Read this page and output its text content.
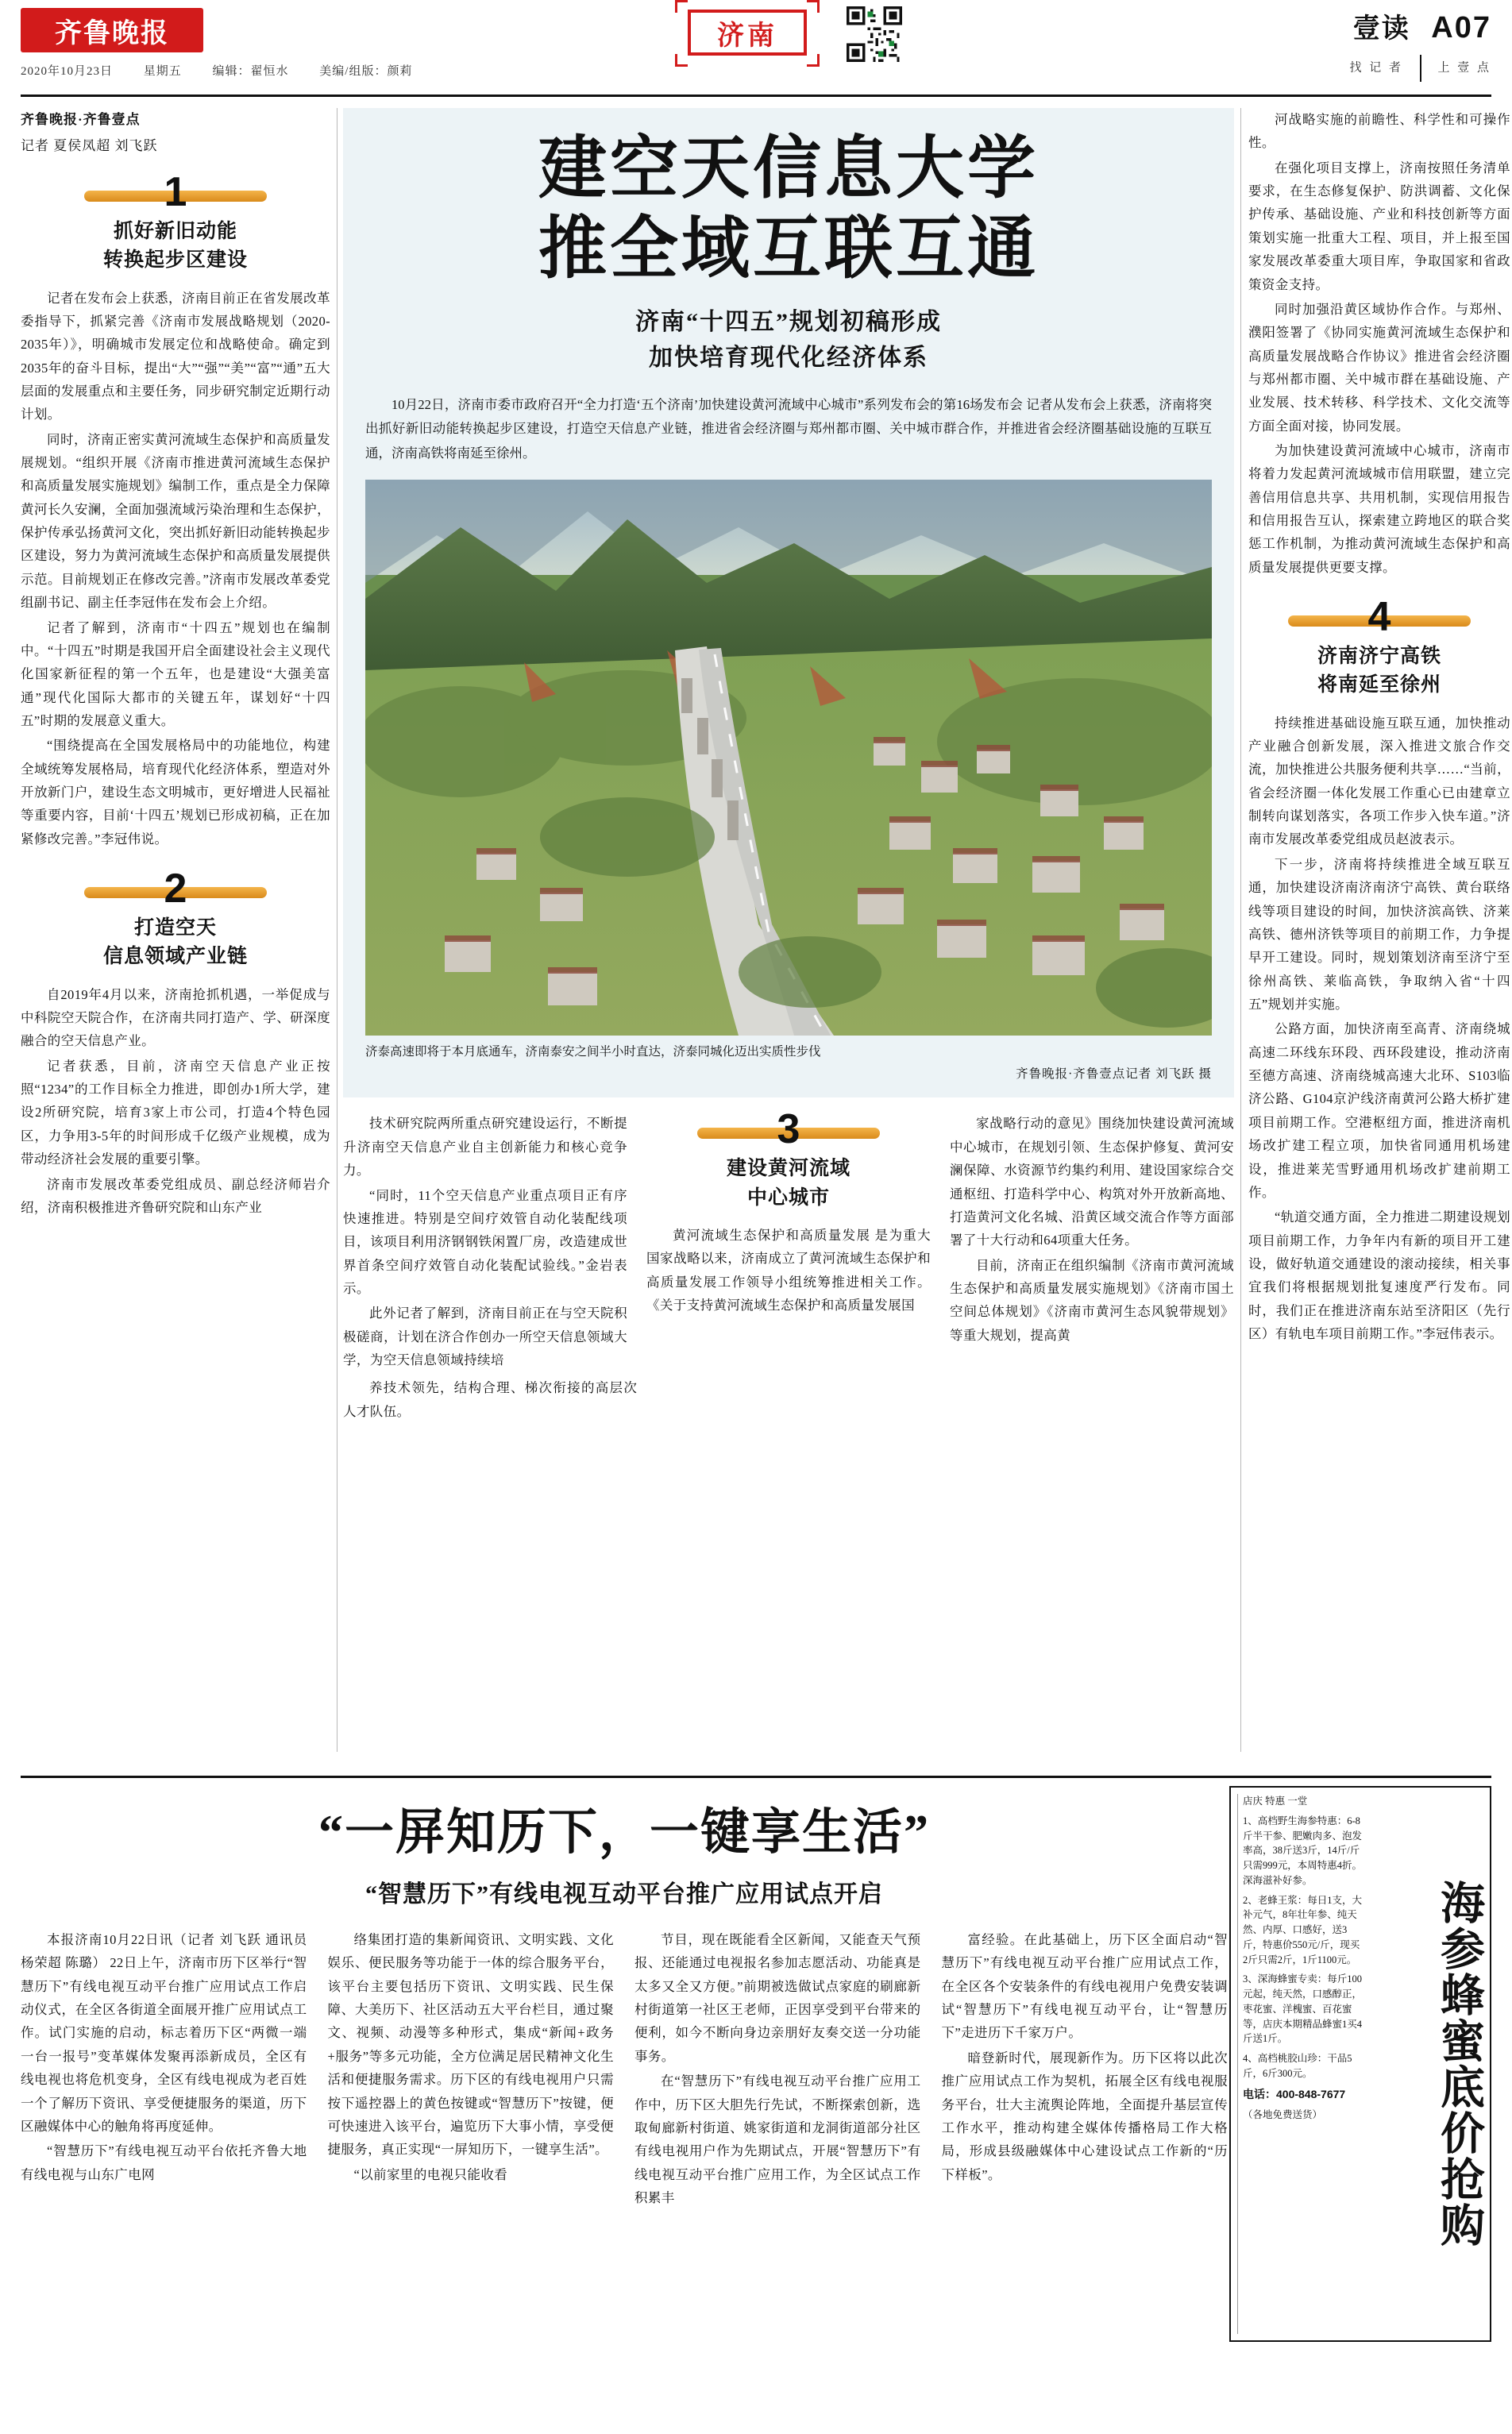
齐鲁晚报
2020年10月23日	星期五	编辑：翟恒水	美编/组版：颜莉
济南	壹读 A07
找 记 者	上 壹 点
齐鲁晚报·齐鲁壹点
记者 夏侯凤超 刘飞跃
1
抓好新旧动能
转换起步区建设

记者在发布会上获悉，济南目前正在省发展改革委指导下，抓紧完善《济南市发展战略规划（2020-2035年）》，明确城市发展定位和战略使命。确定到2035年的奋斗目标，提出“大”“强”“美”“富”“通”五大层面的发展重点和主要任务，同步研究制定近期行动计划。

同时，济南正密实黄河流域生态保护和高质量发展规划。“组织开展《济南市推进黄河流域生态保护和高质量发展实施规划》编制工作，重点是全力保障黄河长久安澜，全面加强流域污染治理和生态保护，保护传承弘扬黄河文化，突出抓好新旧动能转换起步区建设，努力为黄河流域生态保护和高质量发展提供示范。目前规划正在修改完善。”济南市发展改革委党组副书记、副主任李冠伟在发布会上介绍。

记者了解到，济南市“十四五”规划也在编制中。“十四五”时期是我国开启全面建设社会主义现代化国家新征程的第一个五年，也是建设“大强美富通”现代化国际大都市的关键五年，谋划好“十四五”时期的发展意义重大。

“围绕提高在全国发展格局中的功能地位，构建全域统筹发展格局，培育现代化经济体系，塑造对外开放新门户，建设生态文明城市，更好增进人民福祉等重要内容，目前‘十四五’规划已形成初稿，正在加紧修改完善。”李冠伟说。

2
打造空天
信息领域产业链

自2019年4月以来，济南抢抓机遇，一举促成与中科院空天院合作，在济南共同打造产、学、研深度融合的空天信息产业。

记者获悉，目前，济南空天信息产业正按照“1234”的工作目标全力推进，即创办1所大学，建设2所研究院，培育3家上市公司，打造4个特色园区，力争用3-5年的时间形成千亿级产业规模，成为带动经济社会发展的重要引擎。

济南市发展改革委党组成员、副总经济师岩介绍，济南积极推进齐鲁研究院和山东产业

建空天信息大学
推全域互联互通
济南“十四五”规划初稿形成
加快培育现代化经济体系
10月22日，济南市委市政府召开“全力打造‘五个济南’加快建设黄河流域中心城市”系列发布会的第16场发布会 记者从发布会上获悉，济南将突出抓好新旧动能转换起步区建设，打造空天信息产业链，推进省会经济圈与郑州都市圈、关中城市群合作，并推进省会经济圈基础设施的互联互通，济南高铁将南延至徐州。
济泰高速即将于本月底通车，济南泰安之间半小时直达，济泰同城化迈出实质性步伐
齐鲁晚报·齐鲁壹点记者 刘飞跃 摄

技术研究院两所重点研究建设运行，不断提升济南空天信息产业自主创新能力和核心竞争力。

“同时，11个空天信息产业重点项目正有序快速推进。特别是空间疗效管自动化装配线项目，该项目利用济钢钢铁闲置厂房，改造建成世界首条空间疗效管自动化装配试验线。”金岩表示。

此外记者了解到，济南目前正在与空天院积极磋商，计划在济合作创办一所空天信息领域大学，为空天信息领域持续培

3
建设黄河流域
中心城市

黄河流域生态保护和高质量发展 是为重大国家战略以来，济南成立了黄河流域生态保护和高质量发展工作领导小组统筹推进相关工作。《关于支持黄河流域生态保护和高质量发展国

家战略行动的意见》围绕加快建设黄河流域中心城市，在规划引领、生态保护修复、黄河安澜保障、水资源节约集约利用、建设国家综合交通枢纽、打造科学中心、构筑对外开放新高地、打造黄河文化名城、沿黄区域交流合作等方面部署了十大行动和64项重大任务。

目前，济南正在组织编制《济南市黄河流域生态保护和高质量发展实施规划》《济南市国土空间总体规划》《济南市黄河生态风貌带规划》等重大规划，提高黄

养技术领先，结构合理、梯次衔接的高层次人才队伍。

河战略实施的前瞻性、科学性和可操作性。

在强化项目支撑上，济南按照任务清单要求，在生态修复保护、防洪调蓄、文化保护传承、基础设施、产业和科技创新等方面策划实施一批重大工程、项目，并上报至国家发展改革委重大项目库，争取国家和省政策资金支持。

同时加强沿黄区域协作合作。与郑州、濮阳签署了《协同实施黄河流域生态保护和高质量发展战略合作协议》推进省会经济圈与郑州都市圈、关中城市群在基础设施、产业发展、技术转移、科学技术、文化交流等方面全面对接，协同发展。

为加快建设黄河流域中心城市，济南市将着力发起黄河流域城市信用联盟，建立完善信用信息共享、共用机制，实现信用报告和信用报告互认，探索建立跨地区的联合奖惩工作机制，为推动黄河流域生态保护和高质量发展提供更要支撑。

4
济南济宁高铁
将南延至徐州

持续推进基础设施互联互通，加快推动产业融合创新发展，深入推进文旅合作交流，加快推进公共服务便利共享……“当前，省会经济圈一体化发展工作重心已由建章立制转向谋划落实，各项工作步入快车道。”济南市发展改革委党组成员赵波表示。

下一步，济南将持续推进全域互联互通，加快建设济南济南济宁高铁、黄台联络线等项目建设的时间，加快济滨高铁、济莱高铁、德州济铁等项目的前期工作，力争提早开工建设。同时，规划策划济南至济宁至徐州高铁、莱临高铁，争取纳入省“十四五”规划并实施。

公路方面，加快济南至高青、济南绕城高速二环线东环段、西环段建设，推动济南至德方高速、济南绕城高速大北环、S103临济公路、G104京沪线济南黄河公路大桥扩建项目前期工作。空港枢纽方面，推进济南机场改扩建工程立项，加快省同通用机场建设，推进莱芜雪野通用机场改扩建前期工作。

“轨道交通方面，全力推进二期建设规划项目前期工作，力争年内有新的项目开工建设，做好轨道交通建设的滚动接续，相关事宜我们将根据规划批复速度严行发布。同时，我们正在推进济南东站至济阳区（先行区）有轨电车项目前期工作。”李冠伟表示。

“一屏知历下，一键享生活”
“智慧历下”有线电视互动平台推广应用试点开启

本报济南10月22日讯（记者 刘飞跃 通讯员 杨荣超 陈璐） 22日上午，济南市历下区举行“智慧历下”有线电视互动平台推广应用试点工作启动仪式，在全区各街道全面展开推广应用试点工作。试门实施的启动，标志着历下区“两微一端一台一报号”变革媒体发聚再添新成员，全区有线电视也将危机变身，全区有线电视成为老百姓一个了解历下资讯、享受便捷服务的渠道，历下区融媒体中心的触角将再度延伸。

“智慧历下”有线电视互动平台依托齐鲁大地有线电视与山东广电网

络集团打造的集新闻资讯、文明实践、文化娱乐、便民服务等功能于一体的综合服务平台，该平台主要包括历下资讯、文明实践、民生保障、大美历下、社区活动五大平台栏目，通过聚文、视频、动漫等多种形式，集成“新闻+政务+服务”等多元功能，全方位满足居民精神文化生活和便捷服务需求。历下区的有线电视用户只需按下遥控器上的黄色按键或“智慧历下”按键，便可快速进入该平台，遍览历下大事小情，享受便捷服务，真正实现“一屏知历下，一键享生活”。

“以前家里的电视只能收看

节目，现在既能看全区新闻，又能查天气预报、还能通过电视报名参加志愿活动、功能真是太多又全又方便。”前期被选做试点家庭的刷廊新村街道第一社区王老师，正因享受到平台带来的便利，如今不断向身边亲朋好友奏交送一分功能事务。

在“智慧历下”有线电视互动平台推广应用工作中，历下区大胆先行先试，不断探索创新，选取甸廊新村街道、姚家街道和龙洞街道部分社区有线电视用户作为先期试点，开展“智慧历下”有线电视互动平台推广应用工作，为全区试点工作积累丰

富经验。在此基础上，历下区全面启动“智慧历下”有线电视互动平台推广应用试点工作，在全区各个安装条件的有线电视用户免费安装调试“智慧历下”有线电视互动平台，让“智慧历下”走进历下千家万户。

暗登新时代，展现新作为。历下区将以此次推广应用试点工作为契机，拓展全区有线电视服务平台，壮大主流舆论阵地，全面提升基层宣传工作水平，推动构建全媒体传播格局工作大格局，形成县级融媒体中心建设试点工作新的“历下样板”。

店庆 特惠 一堂

1、高档野生海参特惠：6-8斤半干参、肥嫩肉多、泡发率高，38斤送3斤，14斤/斤只需999元，本周特惠4折。深海滋补好参。

2、老蜂王浆：每日1支，大补元气，8年壮年参、纯天然、内厚、口感好，送3斤，特惠价550元/斤，现买2斤只需2斤，1斤1100元。

3、深海蜂蜜专卖：每斤100元起，纯天然，口感醇正，枣花蜜、洋槐蜜、百花蜜等，店庆本期精品蜂蜜1买4斤送1斤。

4、高档桃胶山珍：干品5斤，6斤300元。

电话：400-848-7677

（各地免费送货）	海参蜂蜜底价抢购
